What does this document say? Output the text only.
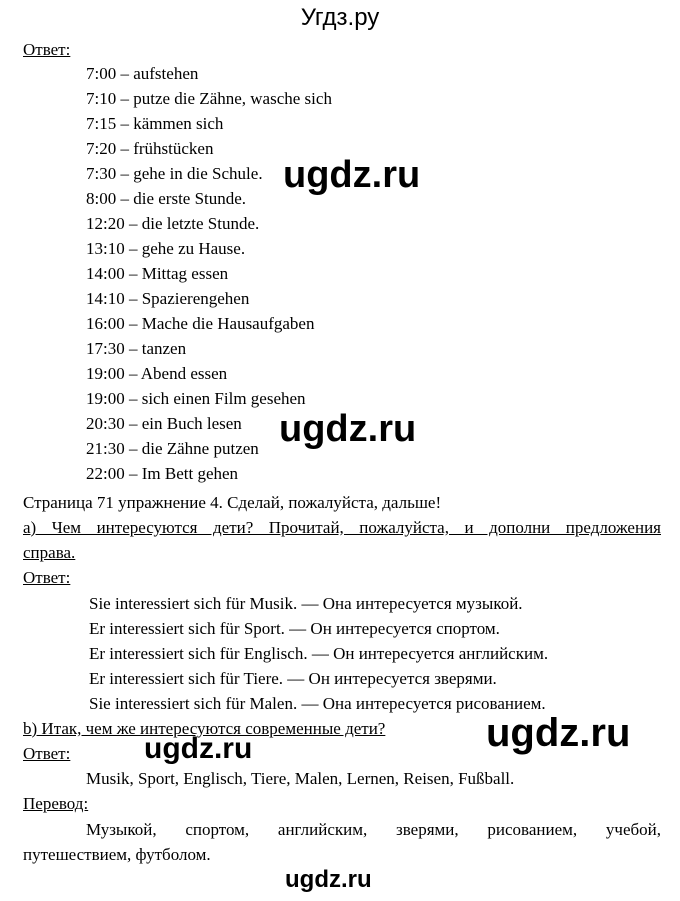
Угдз.ру
Ответ:
7:00 – aufstehen
7:10 – putze die Zähne, wasche sich
7:15 – kämmen sich
7:20 – frühstücken
7:30 – gehe in die Schule.
8:00 – die erste Stunde.
12:20 – die letzte Stunde.
13:10 – gehe zu Hause.
14:00 – Mittag essen
14:10 – Spazierengehen
16:00 – Mache die Hausaufgaben
17:30 – tanzen
19:00 – Abend essen
19:00 – sich einen Film gesehen
20:30 – ein Buch lesen
21:30 – die Zähne putzen
22:00 – Im Bett gehen
Страница 71 упражнение 4. Сделай, пожалуйста, дальше!
а) Чем интересуются дети? Прочитай, пожалуйста, и дополни предложения
справа.
Ответ:
Sie interessiert sich für Musik. — Она интересуется музыкой.
Er interessiert sich für Sport. — Он интересуется спортом.
Er interessiert sich für Englisch. — Он интересуется английским.
Er interessiert sich für Tiere. — Он интересуется зверями.
Sie interessiert sich für Malen. — Она интересуется рисованием.
b) Итак, чем же интересуются современные дети?
Ответ:
Musik, Sport, Englisch, Tiere, Malen, Lernen, Reisen, Fußball.
Перевод:
Музыкой, спортом, английским, зверями, рисованием, учебой,
путешествием, футболом.
ugdz.ru
ugdz.ru
ugdz.ru
ugdz.ru
ugdz.ru
